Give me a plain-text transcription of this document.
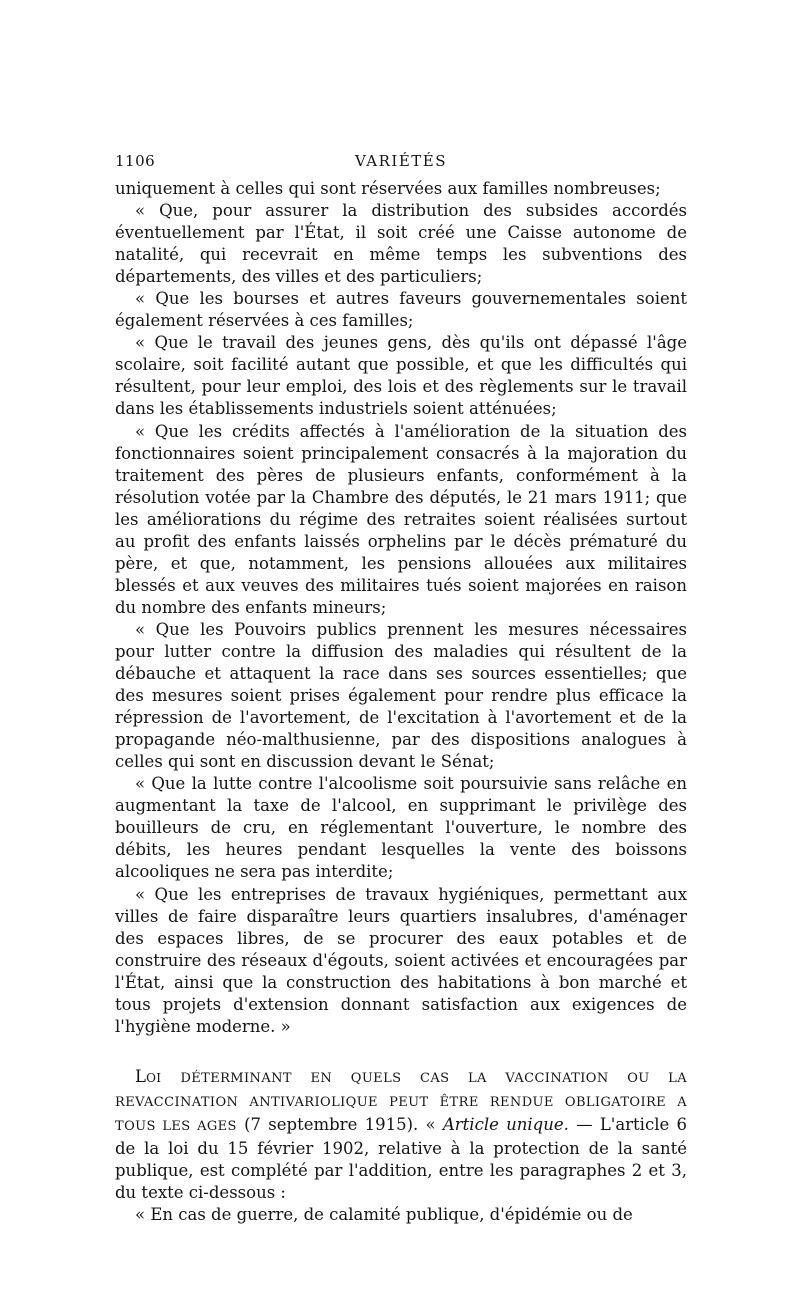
1106	VARIÉTÉS

uniquement à celles qui sont réservées aux familles nombreuses;

« Que, pour assurer la distribution des subsides accordés éventuellement par l'État, il soit créé une Caisse autonome de natalité, qui recevrait en même temps les subventions des départements, des villes et des particuliers;

« Que les bourses et autres faveurs gouvernementales soient également réservées à ces familles;

« Que le travail des jeunes gens, dès qu'ils ont dépassé l'âge scolaire, soit facilité autant que possible, et que les difficultés qui résultent, pour leur emploi, des lois et des règlements sur le travail dans les établissements industriels soient atténuées;

« Que les crédits affectés à l'amélioration de la situation des fonctionnaires soient principalement consacrés à la majoration du traitement des pères de plusieurs enfants, conformément à la résolution votée par la Chambre des députés, le 21 mars 1911; que les améliorations du régime des retraites soient réalisées surtout au profit des enfants laissés orphelins par le décès prématuré du père, et que, notamment, les pensions allouées aux militaires blessés et aux veuves des militaires tués soient majorées en raison du nombre des enfants mineurs;

« Que les Pouvoirs publics prennent les mesures nécessaires pour lutter contre la diffusion des maladies qui résultent de la débauche et attaquent la race dans ses sources essentielles; que des mesures soient prises également pour rendre plus efficace la répression de l'avortement, de l'excitation à l'avortement et de la propagande néo-malthusienne, par des dispositions analogues à celles qui sont en discussion devant le Sénat;

« Que la lutte contre l'alcoolisme soit poursuivie sans relâche en augmentant la taxe de l'alcool, en supprimant le privilège des bouilleurs de cru, en réglementant l'ouverture, le nombre des débits, les heures pendant lesquelles la vente des boissons alcooliques ne sera pas interdite;

« Que les entreprises de travaux hygiéniques, permettant aux villes de faire disparaître leurs quartiers insalubres, d'aménager des espaces libres, de se procurer des eaux potables et de construire des réseaux d'égouts, soient activées et encouragées par l'État, ainsi que la construction des habitations à bon marché et tous projets d'extension donnant satisfaction aux exigences de l'hygiène moderne. »

Loi DÉTERMINANT EN QUELS CAS LA VACCINATION OU LA REVACCINATION ANTIVARIOLIQUE PEUT ÊTRE RENDUE OBLIGATOIRE A TOUS LES AGES (7 septembre 1915). « Article unique. — L'article 6 de la loi du 15 février 1902, relative à la protection de la santé publique, est complété par l'addition, entre les paragraphes 2 et 3, du texte ci-dessous :

« En cas de guerre, de calamité publique, d'épidémie ou de
